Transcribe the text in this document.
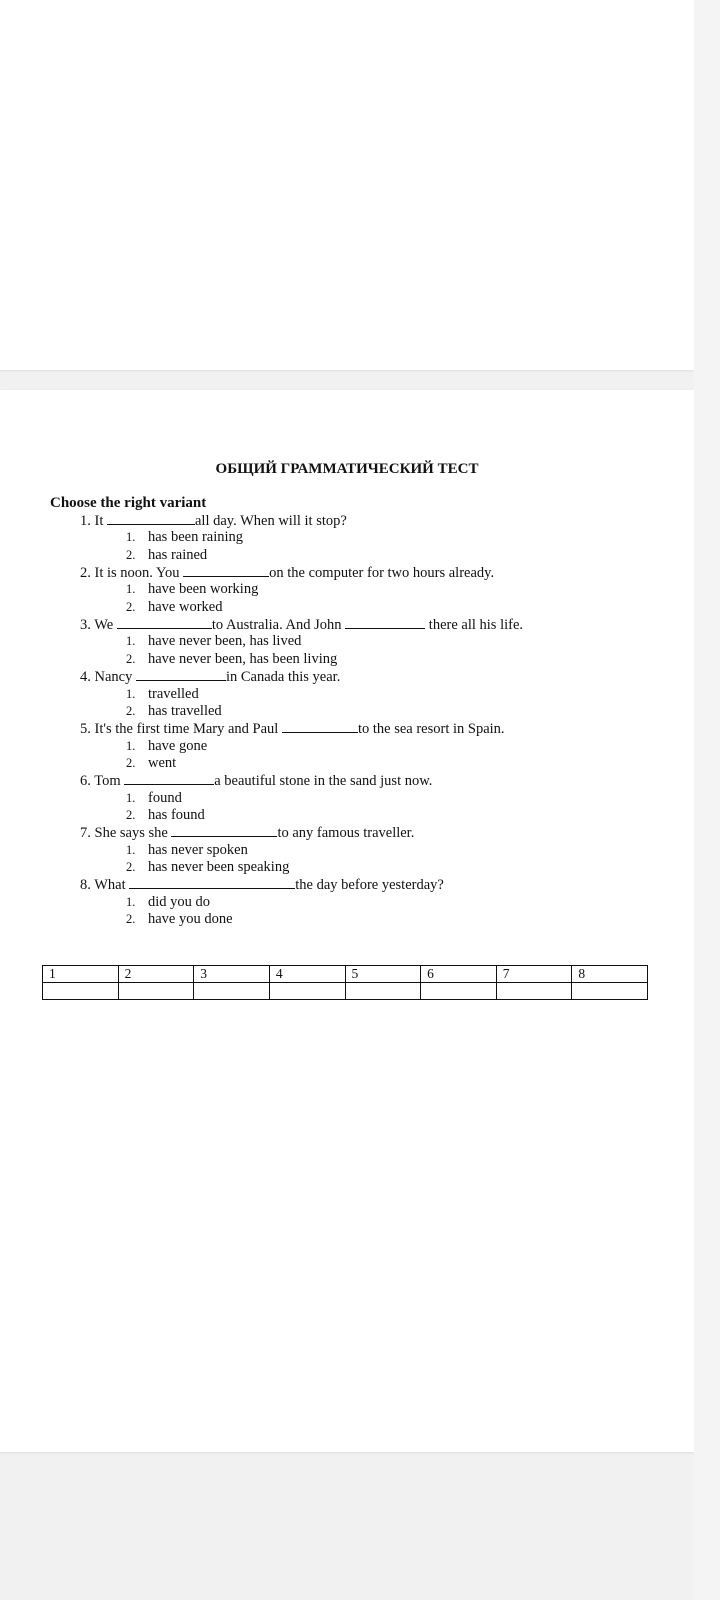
ОБЩИЙ ГРАММАТИЧЕСКИЙ ТЕСТ
Choose the right variant
1. It	all day. When will it stop?
1. has been raining
2. has rained
2. It is noon. You	on the computer for two hours already.
1. have been working
2. have worked
3. We	to Australia. And John	there all his life.
1. have never been, has lived
2. have never been, has been living
4. Nancy	in Canada this year.
1. travelled
2. has travelled
5. It's the first time Mary and Paul	to the sea resort in Spain.
1. have gone
2. went
6. Tom	a beautiful stone in the sand just now.
1. found
2. has found
7. She says she	to any famous traveller.
1. has never spoken
2. has never been speaking
8. What	the day before yesterday?
1. did you do
2. have you done
1	2	3	4	5	6	7	8
